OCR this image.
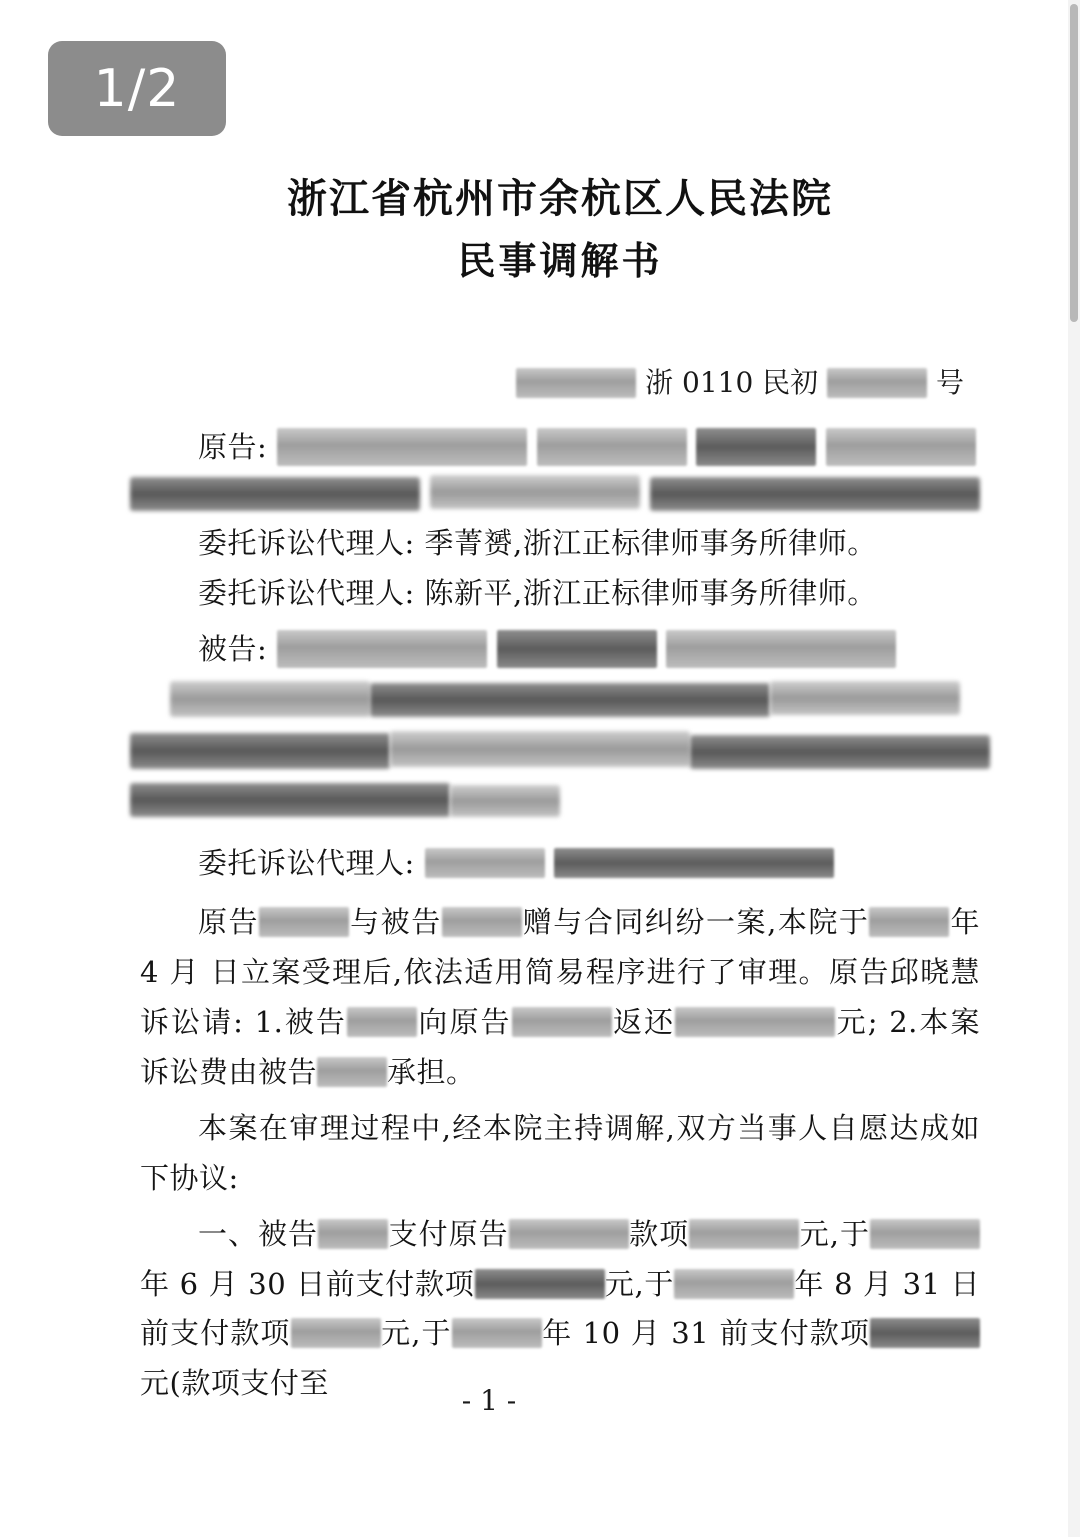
浙江省杭州市余杭区人民法院
民事调解书
浙 0110 民初	号

原告:

委托诉讼代理人: 季菁赟,浙江正标律师事务所律师。

委托诉讼代理人: 陈新平,浙江正标律师事务所律师。

被告:

委托诉讼代理人:

原告	与被告	赠与合同纠纷一案,本院于	年 4 月 日立案受理后,依法适用简易程序进行了审理。原告邱晓慧诉讼请: 1.被告 向原告	返还	元; 2.本案诉讼费由被告 承担。

本案在审理过程中,经本院主持调解,双方当事人自愿达成如下协议:

一、被告 支付原告	款项	元,于年 6 月 30 日前支付款项	元,于	年 8 月 31 日前支付款项	元,于	年 10 月 31 前支付款项元(款项支付至

- 1 -
1/2
